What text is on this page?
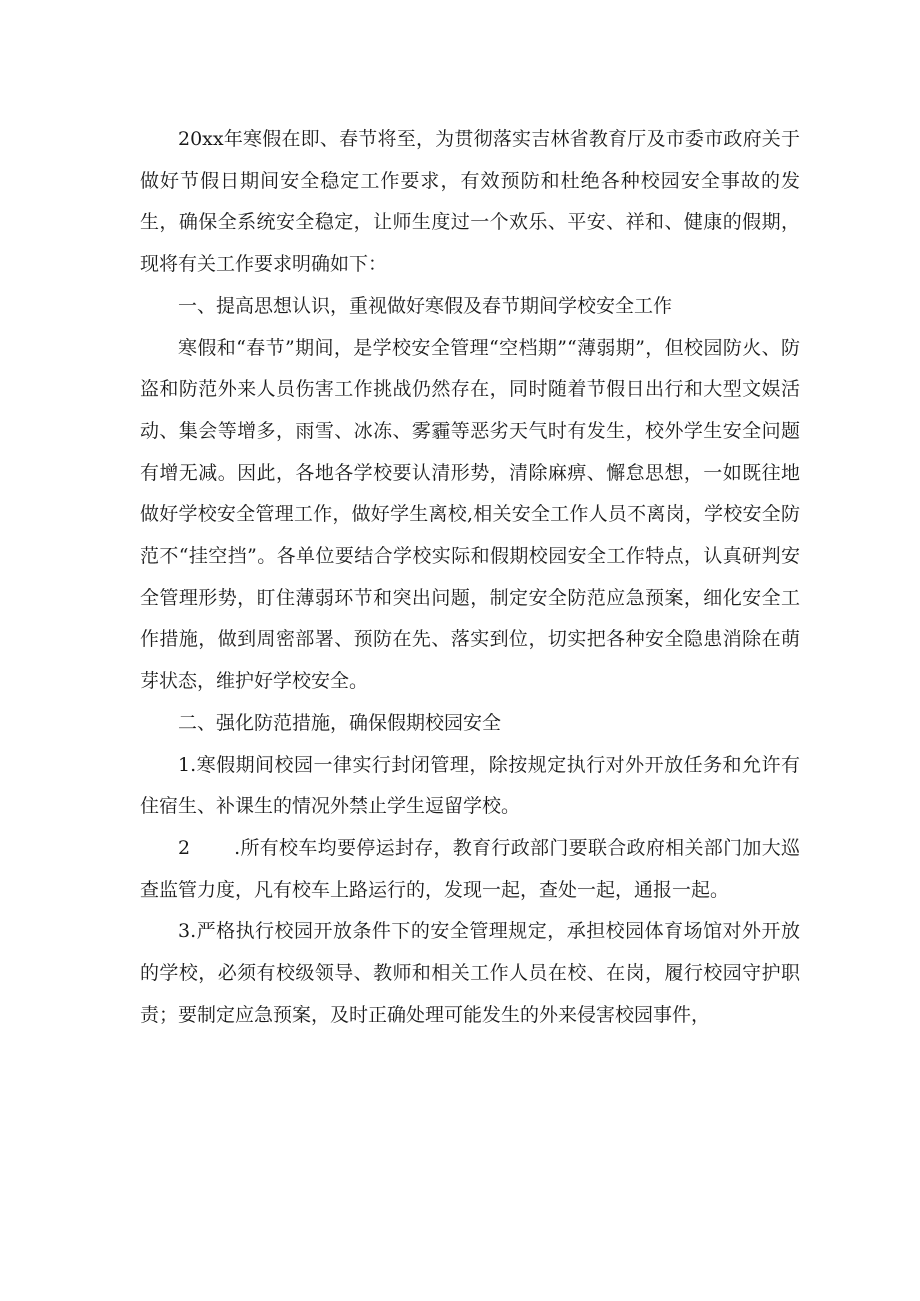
20xx年寒假在即、春节将至，为贯彻落实吉林省教育厅及市委市政府关于做好节假日期间安全稳定工作要求，有效预防和杜绝各种校园安全事故的发生，确保全系统安全稳定，让师生度过一个欢乐、平安、祥和、健康的假期，现将有关工作要求明确如下：

一、提高思想认识，重视做好寒假及春节期间学校安全工作

寒假和“春节”期间，是学校安全管理“空档期”“薄弱期”，但校园防火、防盗和防范外来人员伤害工作挑战仍然存在，同时随着节假日出行和大型文娱活动、集会等增多，雨雪、冰冻、雾霾等恶劣天气时有发生，校外学生安全问题有增无减。因此，各地各学校要认清形势，清除麻痹、懈怠思想，一如既往地做好学校安全管理工作，做好学生离校,相关安全工作人员不离岗，学校安全防范不“挂空挡”。各单位要结合学校实际和假期校园安全工作特点，认真研判安全管理形势，盯住薄弱环节和突出问题，制定安全防范应急预案，细化安全工作措施，做到周密部署、预防在先、落实到位，切实把各种安全隐患消除在萌芽状态，维护好学校安全。

二、强化防范措施，确保假期校园安全

1.寒假期间校园一律实行封闭管理，除按规定执行对外开放任务和允许有住宿生、补课生的情况外禁止学生逗留学校。

2 .所有校车均要停运封存，教育行政部门要联合政府相关部门加大巡查监管力度，凡有校车上路运行的，发现一起，查处一起，通报一起。

3.严格执行校园开放条件下的安全管理规定，承担校园体育场馆对外开放的学校，必须有校级领导、教师和相关工作人员在校、在岗，履行校园守护职责；要制定应急预案，及时正确处理可能发生的外来侵害校园事件，
